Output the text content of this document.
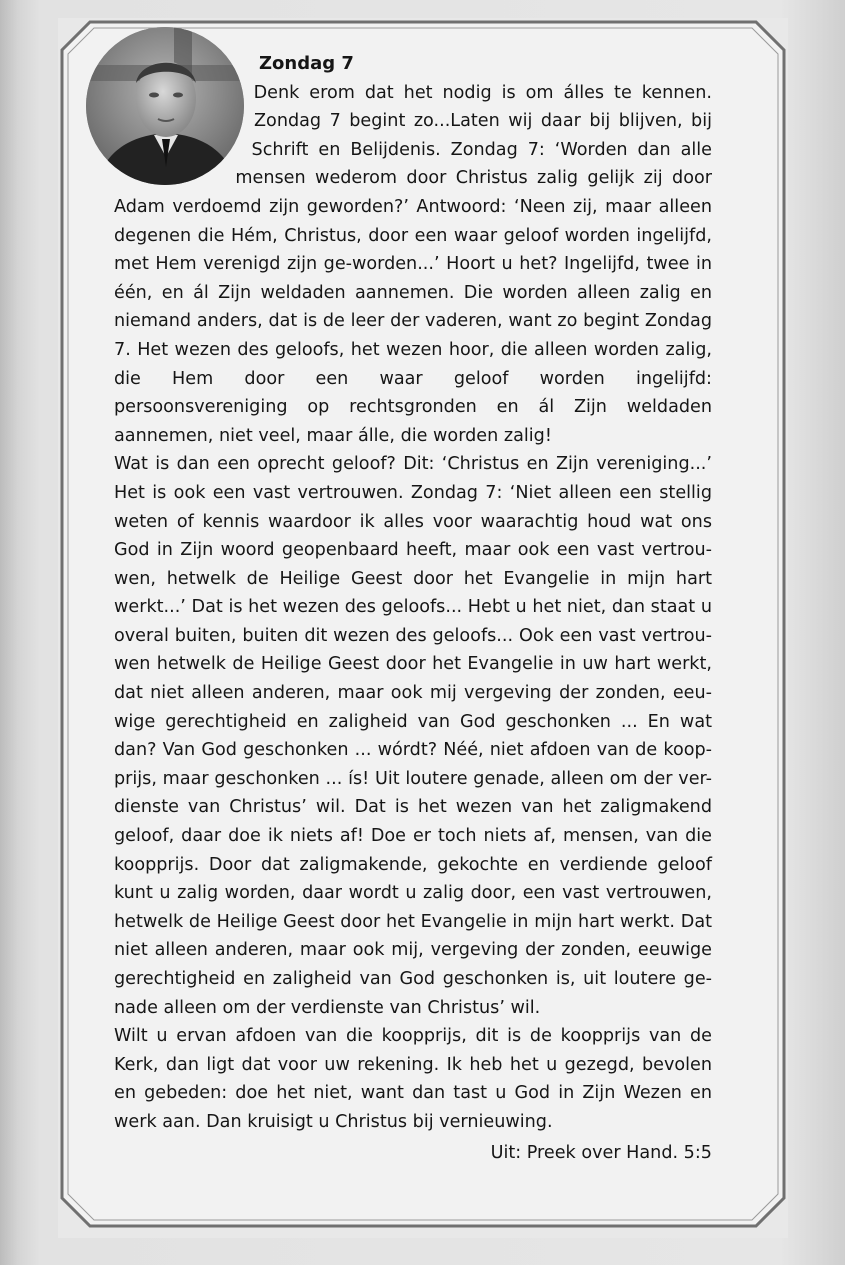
Zondag 7

Denk erom dat het nodig is om álles te kennen. Zondag 7 begint zo...Laten wij daar bij blijven, bij Schrift en Belijdenis. Zondag 7: ‘Worden dan alle mensen wederom door Christus zalig gelijk zij door Adam verdoemd zijn geworden?’ Antwoord: ‘Neen zij, maar alleen degenen die Hém, Christus, door een waar geloof worden ingelijfd, met Hem verenigd zijn ge-worden...’ Hoort u het? Ingelijfd, twee in één, en ál Zijn weldaden aannemen. Die worden alleen zalig en niemand anders, dat is de leer der vaderen, want zo begint Zondag 7. Het wezen des geloofs, het wezen hoor, die alleen worden zalig, die Hem door een waar geloof worden ingelijfd: persoonsvereniging op rechtsgronden en ál Zijn weldaden aannemen, niet veel, maar álle, die worden zalig!

Wat is dan een oprecht geloof? Dit: ‘Christus en Zijn vereniging...’ Het is ook een vast vertrouwen. Zondag 7: ‘Niet alleen een stellig weten of kennis waardoor ik alles voor waarachtig houd wat ons God in Zijn woord geopenbaard heeft, maar ook een vast vertrou-wen, hetwelk de Heilige Geest door het Evangelie in mijn hart werkt...’ Dat is het wezen des geloofs... Hebt u het niet, dan staat u overal buiten, buiten dit wezen des geloofs... Ook een vast vertrou-wen hetwelk de Heilige Geest door het Evangelie in uw hart werkt, dat niet alleen anderen, maar ook mij vergeving der zonden, eeu-wige gerechtigheid en zaligheid van God geschonken ... En wat dan? Van God geschonken ... wórdt? Néé, niet afdoen van de koop-prijs, maar geschonken ... ís! Uit loutere genade, alleen om der ver-dienste van Christus’ wil. Dat is het wezen van het zaligmakend geloof, daar doe ik niets af! Doe er toch niets af, mensen, van die koopprijs. Door dat zaligmakende, gekochte en verdiende geloof kunt u zalig worden, daar wordt u zalig door, een vast vertrouwen, hetwelk de Heilige Geest door het Evangelie in mijn hart werkt. Dat niet alleen anderen, maar ook mij, vergeving der zonden, eeuwige gerechtigheid en zaligheid van God geschonken is, uit loutere ge-nade alleen om der verdienste van Christus’ wil.

Wilt u ervan afdoen van die koopprijs, dit is de koopprijs van de Kerk, dan ligt dat voor uw rekening. Ik heb het u gezegd, bevolen en gebeden: doe het niet, want dan tast u God in Zijn Wezen en werk aan. Dan kruisigt u Christus bij vernieuwing.

Uit: Preek over Hand. 5:5
